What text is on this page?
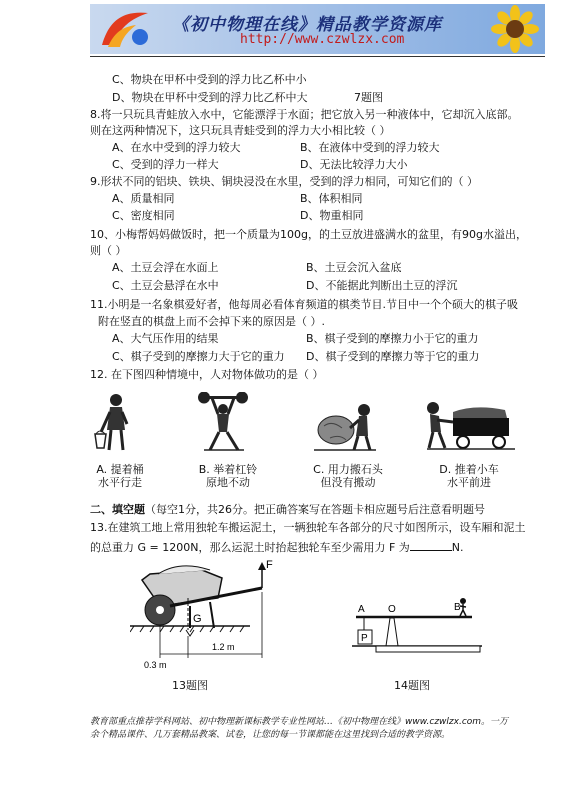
《初中物理在线》精品教学资源库
http://www.czwlzx.com
C、物块在甲杯中受到的浮力比乙杯中小
D、物块在甲杯中受到的浮力比乙杯中大	7题图
8.将一只玩具青蛙放入水中，它能漂浮于水面；把它放入另一种液体中，它却沉入底部。
则在这两种情况下，这只玩具青蛙受到的浮力大小相比较（ ）
A、在水中受到的浮力较大	B、在液体中受到的浮力较大
C、受到的浮力一样大	D、无法比较浮力大小
9.形状不同的铝块、铁块、铜块浸没在水里，受到的浮力相同，可知它们的（ ）
A、质量相同	B、体积相同
C、密度相同	D、物重相同
10、小梅帮妈妈做饭时，把一个质量为100g，的土豆放进盛满水的盆里，有90g水溢出，
则（ ）
A、土豆会浮在水面上	B、土豆会沉入盆底
C、土豆会悬浮在水中	D、不能据此判断出土豆的浮沉
11.小明是一名象棋爱好者，他每周必看体育频道的棋类节目.节目中一个个硕大的棋子吸
附在竖直的棋盘上而不会掉下来的原因是（ ）.
A、大气压作用的结果	B、棋子受到的摩擦力小于它的重力
C、棋子受到的摩擦力大于它的重力 D、棋子受到的摩擦力等于它的重力
12. 在下图四种情境中，人对物体做功的是（ ）
A. 提着桶
水平行走
B. 举着杠铃
原地不动
C. 用力搬石头
但没有搬动
D. 推着小车
水平前进
二、填空题（每空1分，共26分。把正确答案写在答题卡相应题号后注意看明题号
13.在建筑工地上常用独轮车搬运泥土，一辆独轮车各部分的尺寸如图所示，设车厢和泥土
的总重力 G = 1200N，那么运泥土时抬起独轮车至少需用力 F 为	N.
F
G
0.3 m
1.2 m
13题图
A O	B
P
14题图
教育部重点推荐学科网站、初中物理新课标教学专业性网站…《初中物理在线》www.czwlzx.com。一万
余个精品课件、几万套精品教案、试卷，让您的每一节课都能在这里找到合适的教学资源。
